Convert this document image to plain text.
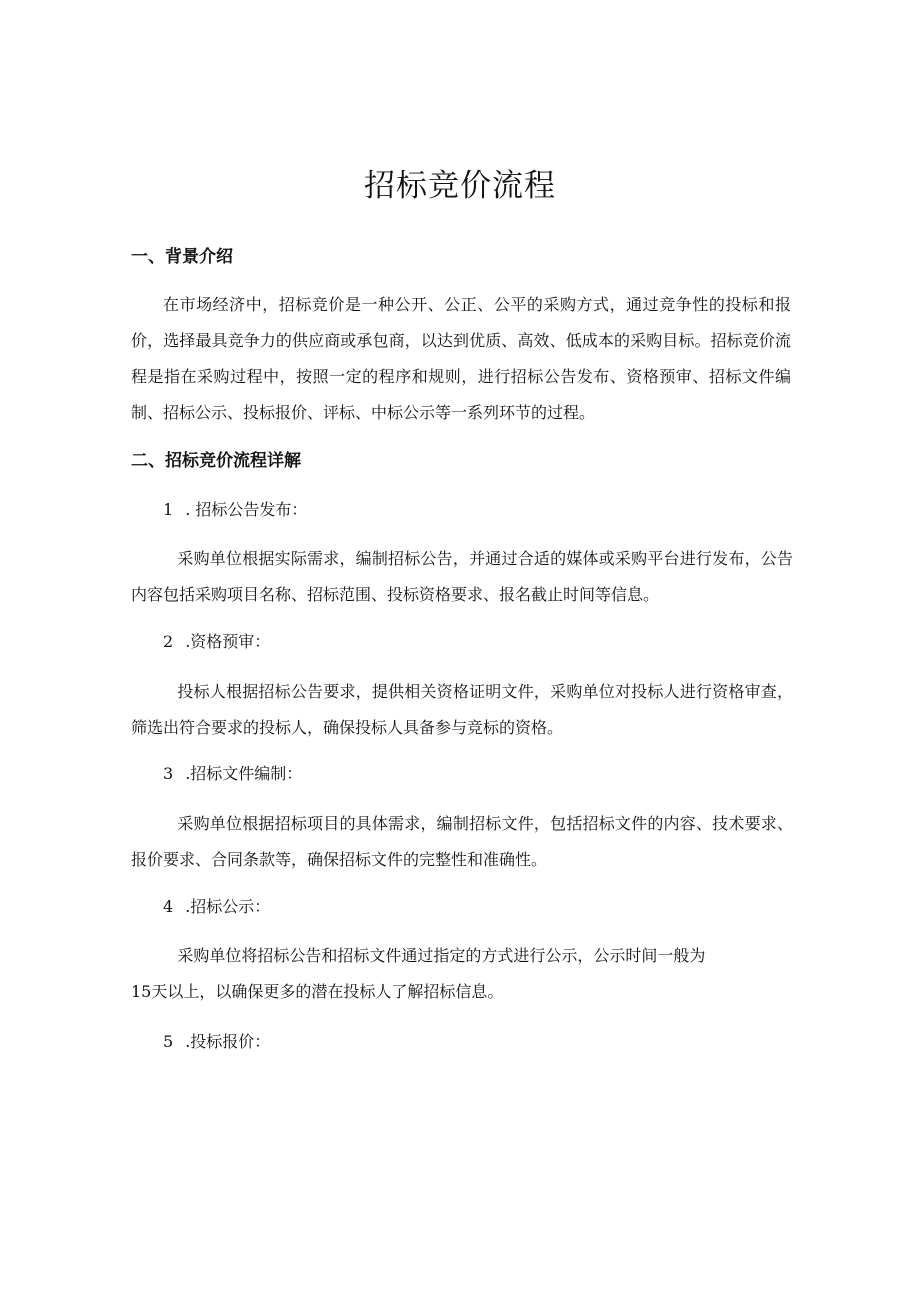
招标竞价流程
一、背景介绍

在市场经济中，招标竞价是一种公开、公正、公平的采购方式，通过竞争性的投标和报价，选择最具竞争力的供应商或承包商，以达到优质、高效、低成本的采购目标。招标竞价流程是指在采购过程中，按照一定的程序和规则，进行招标公告发布、资格预审、招标文件编制、招标公示、投标报价、评标、中标公示等一系列环节的过程。

二、招标竞价流程详解
1 . 招标公告发布：

采购单位根据实际需求，编制招标公告，并通过合适的媒体或采购平台进行发布，公告内容包括采购项目名称、招标范围、投标资格要求、报名截止时间等信息。

2 .资格预审：

投标人根据招标公告要求，提供相关资格证明文件，采购单位对投标人进行资格审查，筛选出符合要求的投标人，确保投标人具备参与竞标的资格。

3 .招标文件编制：

采购单位根据招标项目的具体需求，编制招标文件，包括招标文件的内容、技术要求、报价要求、合同条款等，确保招标文件的完整性和准确性。

4 .招标公示：
采购单位将招标公告和招标文件通过指定的方式进行公示，公示时间一般为
15天以上，以确保更多的潜在投标人了解招标信息。
5 .投标报价：
